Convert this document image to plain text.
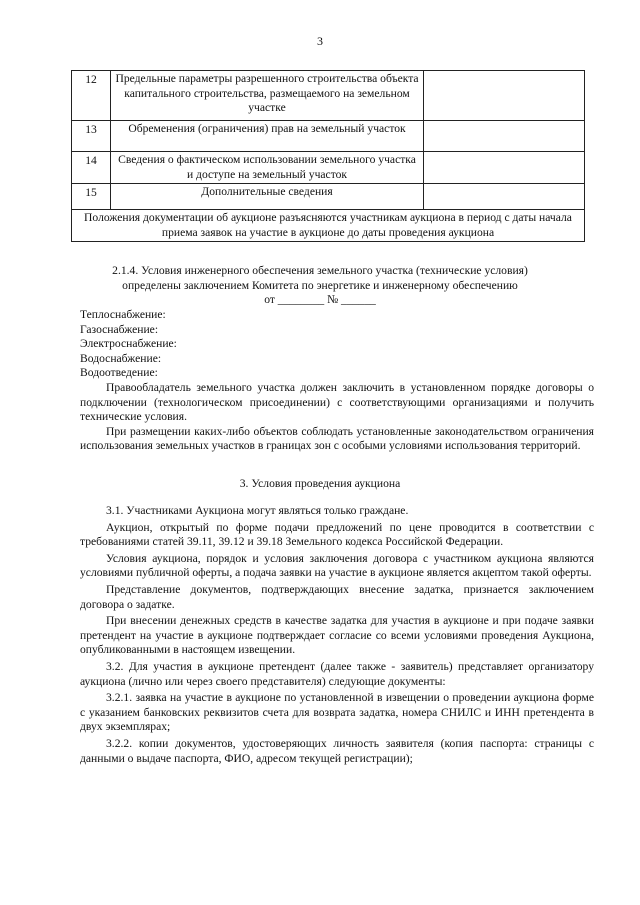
3
12	Предельные параметры разрешенного строительства объекта капитального строительства, размещаемого на земельном участке	
13	Обременения (ограничения) прав на земельный участок	
14	Сведения о фактическом использовании земельного участка и доступе на земельный участок	
15	Дополнительные сведения	
Положения документации об аукционе разъясняются участникам аукциона в период с даты начала приема заявок на участие в аукционе до даты проведения аукциона		
2.1.4. Условия инженерного обеспечения земельного участка (технические условия)
определены заключением Комитета по энергетике и инженерному обеспечению
от ________ № ______
Теплоснабжение:
Газоснабжение:
Электроснабжение:
Водоснабжение:
Водоотведение:

Правообладатель земельного участка должен заключить в установленном порядке договоры о подключении (технологическом присоединении) с соответствующими организациями и получить технические условия.

При размещении каких-либо объектов соблюдать установленные законодательством ограничения использования земельных участков в границах зон с особыми условиями использования территорий.

3. Условия проведения аукциона

3.1. Участниками Аукциона могут являться только граждане.

Аукцион, открытый по форме подачи предложений по цене проводится в соответствии с требованиями статей 39.11, 39.12 и 39.18 Земельного кодекса Российской Федерации.

Условия аукциона, порядок и условия заключения договора с участником аукциона являются условиями публичной оферты, а подача заявки на участие в аукционе является акцептом такой оферты.

Представление документов, подтверждающих внесение задатка, признается заключением договора о задатке.

При внесении денежных средств в качестве задатка для участия в аукционе и при подаче заявки претендент на участие в аукционе подтверждает согласие со всеми условиями проведения Аукциона, опубликованными в настоящем извещении.

3.2. Для участия в аукционе претендент (далее также - заявитель) представляет организатору аукциона (лично или через своего представителя) следующие документы:

3.2.1. заявка на участие в аукционе по установленной в извещении о проведении аукциона форме с указанием банковских реквизитов счета для возврата задатка, номера СНИЛС и ИНН претендента в двух экземплярах;

3.2.2. копии документов, удостоверяющих личность заявителя (копия паспорта: страницы с данными о выдаче паспорта, ФИО, адресом текущей регистрации);
